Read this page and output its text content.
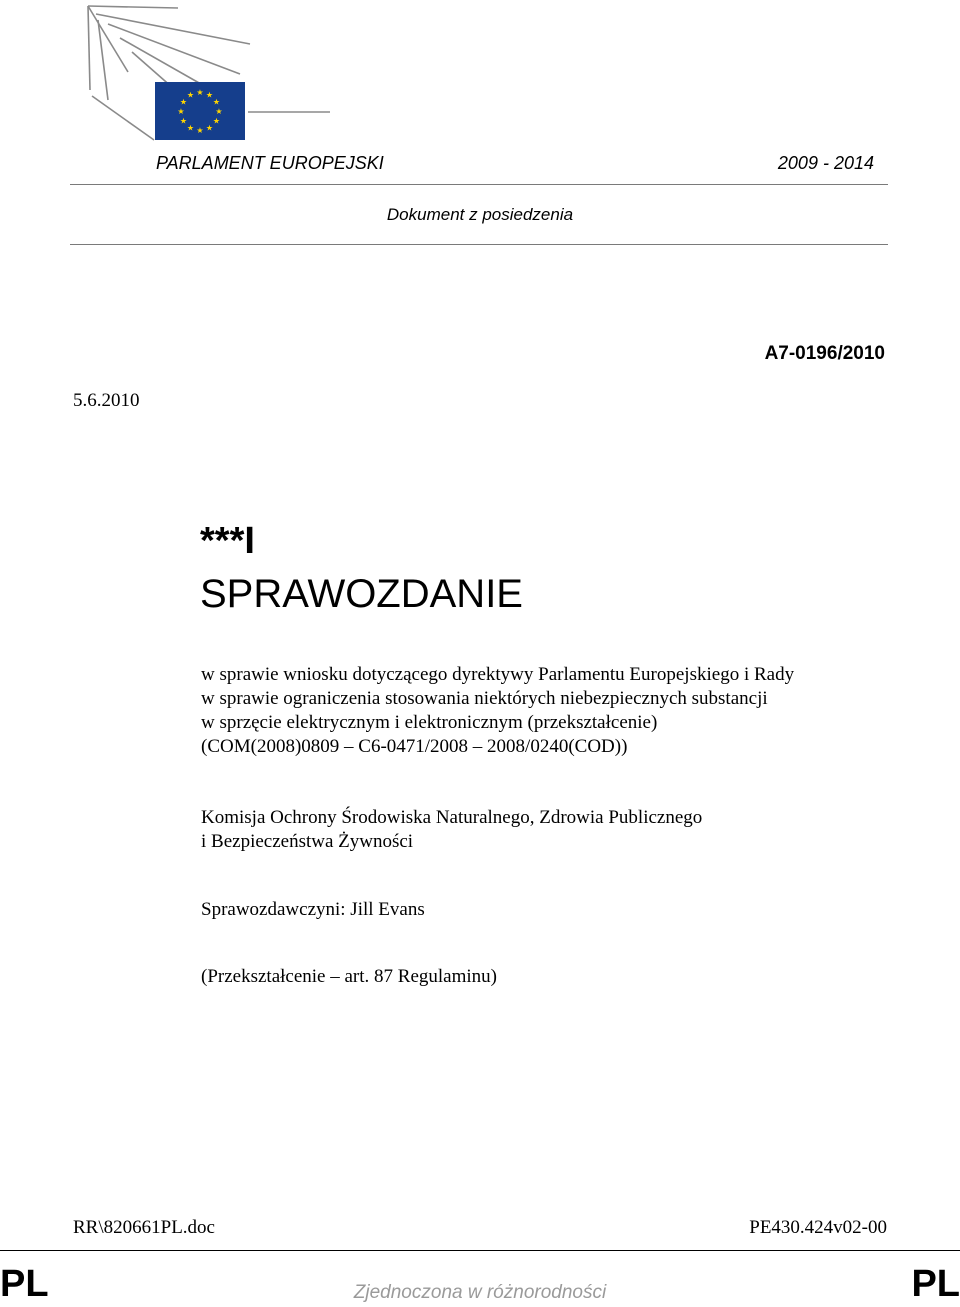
★ ★
★
★
★
★
★
★
★
★
★
★
PARLAMENT EUROPEJSKI	2009 - 2014
Dokument z posiedzenia
A7-0196/2010
5.6.2010
***I
SPRAWOZDANIE
w sprawie wniosku dotyczącego dyrektywy Parlamentu Europejskiego i Rady
w sprawie ograniczenia stosowania niektórych niebezpiecznych substancji
w sprzęcie elektrycznym i elektronicznym (przekształcenie)
(COM(2008)0809 – C6-0471/2008 – 2008/0240(COD))
Komisja Ochrony Środowiska Naturalnego, Zdrowia Publicznego
i Bezpieczeństwa Żywności
Sprawozdawczyni: Jill Evans
(Przekształcenie – art. 87 Regulaminu)
RR\820661PL.doc	PE430.424v02-00
PL	Zjednoczona w różnorodności	PL
